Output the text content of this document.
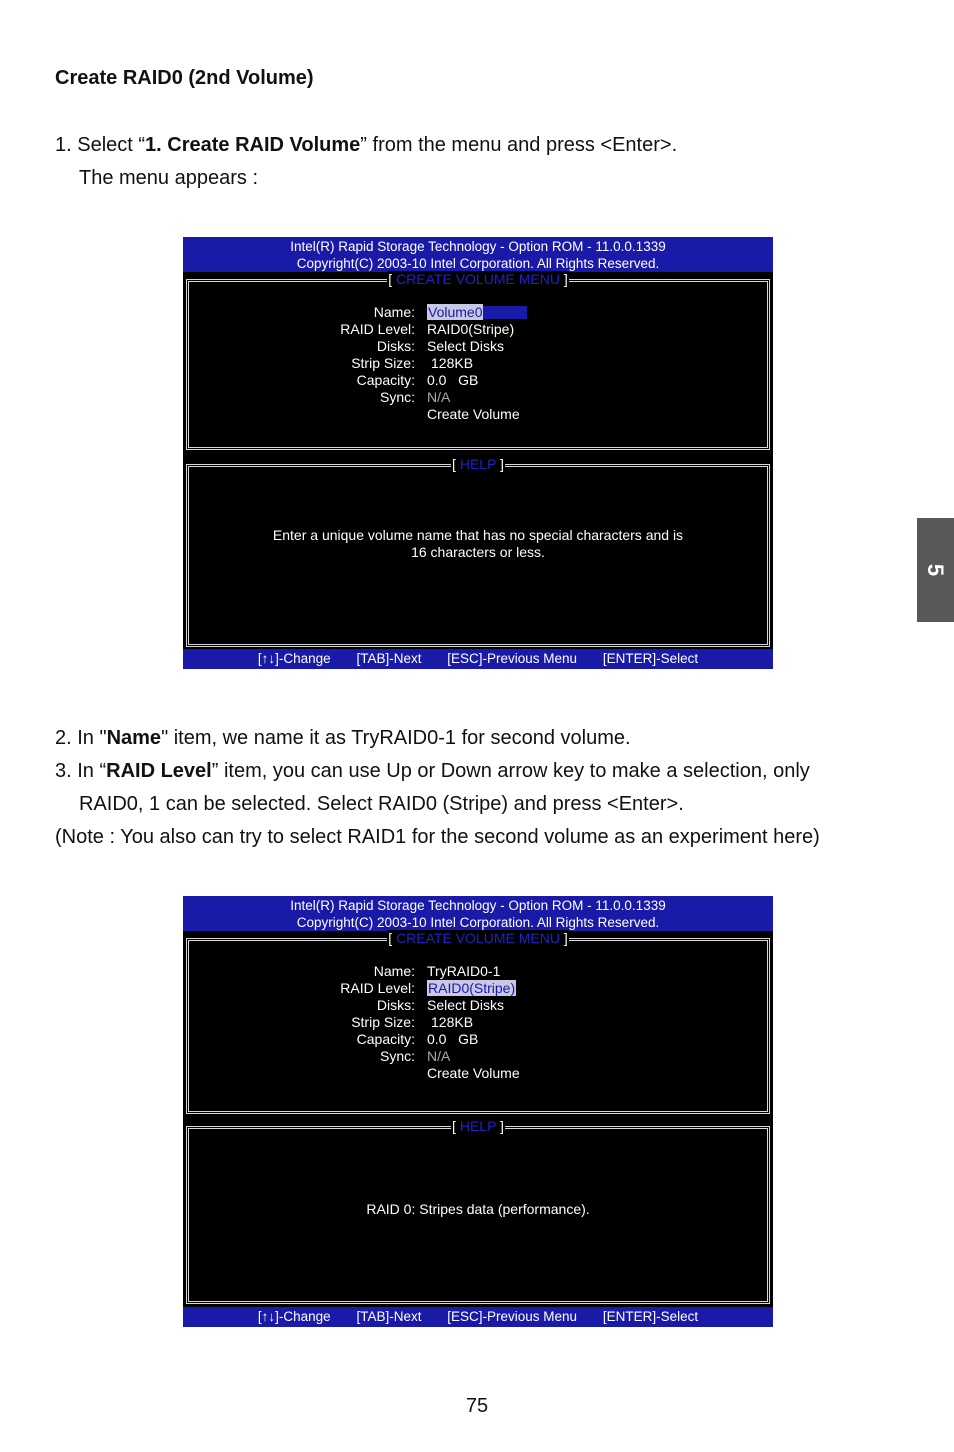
Create RAID0 (2nd Volume)
1. Select “1. Create RAID Volume” from the menu and press <Enter>.
The menu appears :
Intel(R) Rapid Storage Technology - Option ROM - 11.0.0.1339
Copyright(C) 2003-10 Intel Corporation. All Rights Reserved.
[ CREATE VOLUME MENU ]
Name: Volume0
RAID Level: RAID0(Stripe)
Disks: Select Disks
Strip Size: 128KB
Capacity: 0.0   GB
Sync: N/A
Create Volume
[ HELP ]
Enter a unique volume name that has no special characters and is
16 characters or less.
[↑↓]-Change [TAB]-Next [ESC]-Previous Menu [ENTER]-Select
2. In "Name" item, we name it as TryRAID0-1 for second volume.
3. In “RAID Level” item, you can use Up or Down arrow key to make a selection, only
RAID0, 1 can be selected. Select RAID0 (Stripe) and press <Enter>.
(Note : You also can try to select RAID1 for the second volume as an experiment here)
Intel(R) Rapid Storage Technology - Option ROM - 11.0.0.1339
Copyright(C) 2003-10 Intel Corporation. All Rights Reserved.
[ CREATE VOLUME MENU ]
Name: TryRAID0-1
RAID Level: RAID0(Stripe)
Disks: Select Disks
Strip Size: 128KB
Capacity: 0.0   GB
Sync: N/A
Create Volume
[ HELP ]
RAID 0: Stripes data (performance).
[↑↓]-Change [TAB]-Next [ESC]-Previous Menu [ENTER]-Select
5
75
